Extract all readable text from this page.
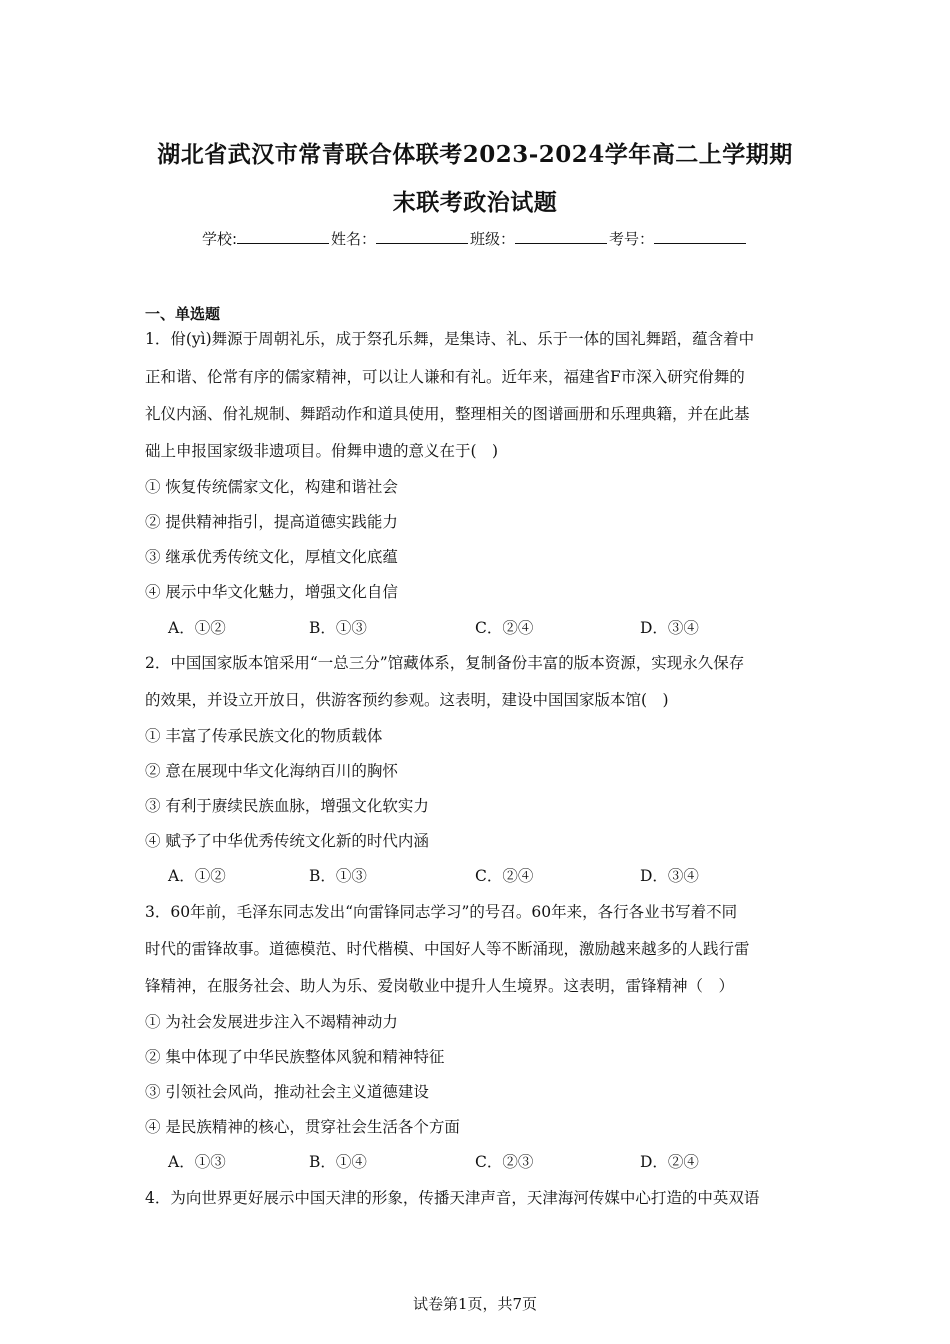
湖北省武汉市常青联合体联考2023-2024学年高二上学期期
末联考政治试题
学校:	姓名：	班级：	考号：
一、单选题
1．佾(yì)舞源于周朝礼乐，成于祭孔乐舞，是集诗、礼、乐于一体的国礼舞蹈，蕴含着中
正和谐、伦常有序的儒家精神，可以让人谦和有礼。近年来，福建省F市深入研究佾舞的
礼仪内涵、佾礼规制、舞蹈动作和道具使用，整理相关的图谱画册和乐理典籍，并在此基
础上申报国家级非遗项目。佾舞申遗的意义在于(　)
① 恢复传统儒家文化，构建和谐社会
② 提供精神指引，提高道德实践能力
③ 继承优秀传统文化，厚植文化底蕴
④ 展示中华文化魅力，增强文化自信
A．①②	B．①③	C．②④	D．③④
2．中国国家版本馆采用“一总三分”馆藏体系，复制备份丰富的版本资源，实现永久保存
的效果，并设立开放日，供游客预约参观。这表明，建设中国国家版本馆(　)
① 丰富了传承民族文化的物质载体
② 意在展现中华文化海纳百川的胸怀
③ 有利于赓续民族血脉，增强文化软实力
④ 赋予了中华优秀传统文化新的时代内涵
A．①②	B．①③	C．②④	D．③④
3．60年前，毛泽东同志发出“向雷锋同志学习”的号召。60年来，各行各业书写着不同
时代的雷锋故事。道德模范、时代楷模、中国好人等不断涌现，激励越来越多的人践行雷
锋精神，在服务社会、助人为乐、爱岗敬业中提升人生境界。这表明，雷锋精神（　）
① 为社会发展进步注入不竭精神动力
② 集中体现了中华民族整体风貌和精神特征
③ 引领社会风尚，推动社会主义道德建设
④ 是民族精神的核心，贯穿社会生活各个方面
A．①③	B．①④	C．②③	D．②④
4．为向世界更好展示中国天津的形象，传播天津声音，天津海河传媒中心打造的中英双语
试卷第1页，共7页
